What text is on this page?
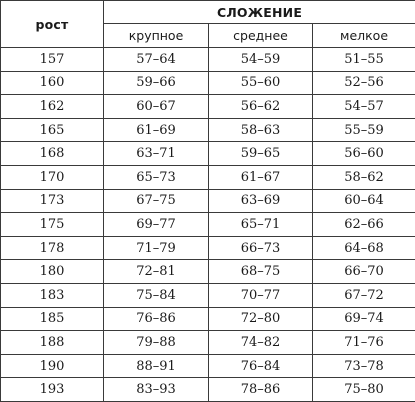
рост	СЛОЖЕНИЕ		
	крупное	среднее	мелкое
157	57–64	54–59	51–55
160	59–66	55–60	52–56
162	60–67	56–62	54–57
165	61–69	58–63	55–59
168	63–71	59–65	56–60
170	65–73	61–67	58–62
173	67–75	63–69	60–64
175	69–77	65–71	62–66
178	71–79	66–73	64–68
180	72–81	68–75	66–70
183	75–84	70–77	67–72
185	76–86	72–80	69–74
188	79–88	74–82	71–76
190	88–91	76–84	73–78
193	83–93	78–86	75–80
